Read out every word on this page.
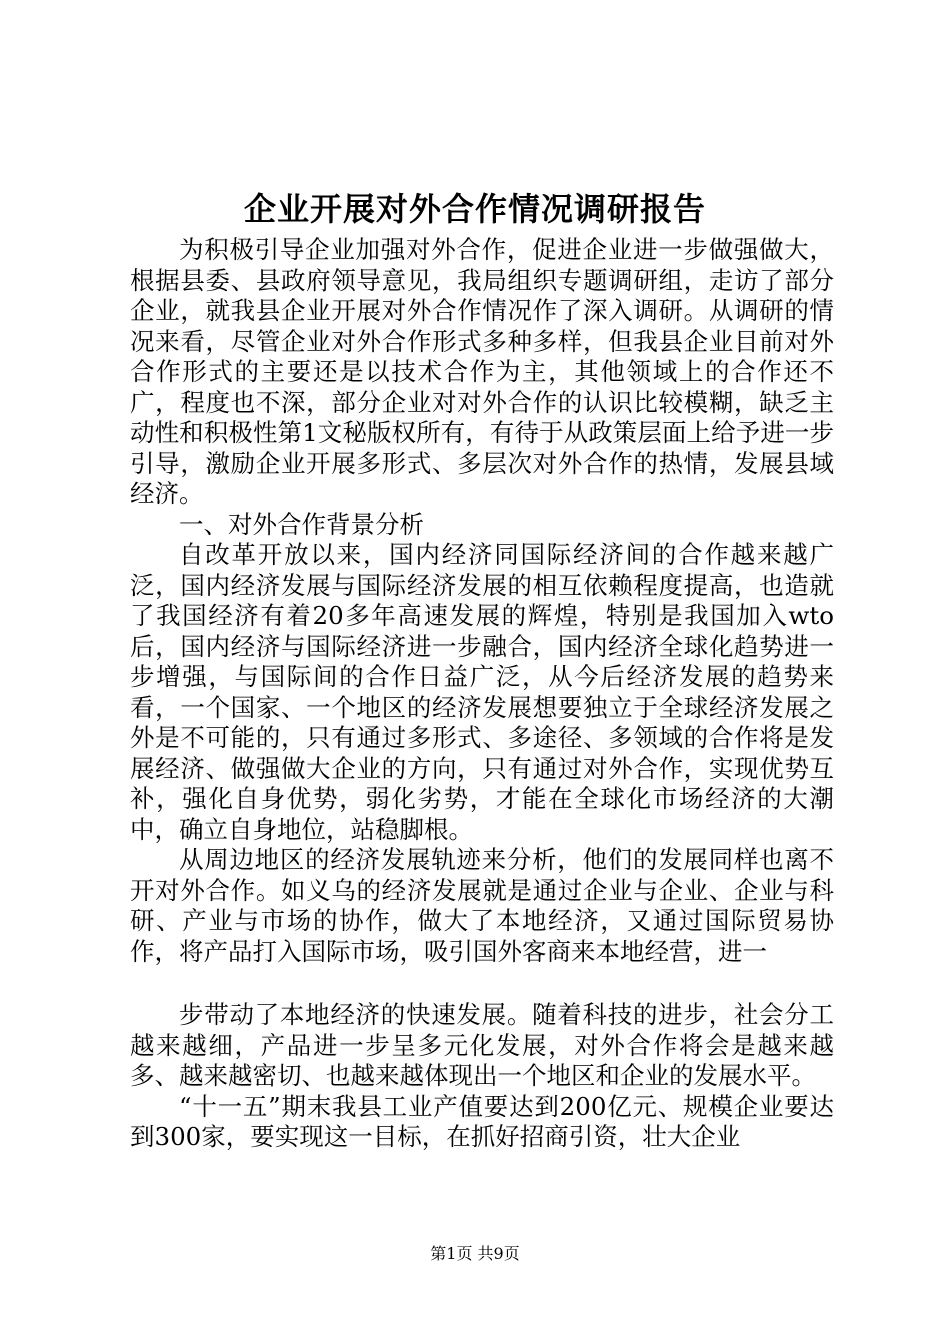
企业开展对外合作情况调研报告

为积极引导企业加强对外合作，促进企业进一步做强做大，根据县委、县政府领导意见，我局组织专题调研组，走访了部分企业，就我县企业开展对外合作情况作了深入调研。从调研的情况来看，尽管企业对外合作形式多种多样，但我县企业目前对外合作形式的主要还是以技术合作为主，其他领域上的合作还不广，程度也不深，部分企业对对外合作的认识比较模糊，缺乏主动性和积极性第1文秘版权所有，有待于从政策层面上给予进一步引导，激励企业开展多形式、多层次对外合作的热情，发展县域经济。

一、对外合作背景分析

自改革开放以来，国内经济同国际经济间的合作越来越广泛，国内经济发展与国际经济发展的相互依赖程度提高，也造就了我国经济有着20多年高速发展的辉煌，特别是我国加入wto后，国内经济与国际经济进一步融合，国内经济全球化趋势进一步增强，与国际间的合作日益广泛，从今后经济发展的趋势来看，一个国家、一个地区的经济发展想要独立于全球经济发展之外是不可能的，只有通过多形式、多途径、多领域的合作将是发展经济、做强做大企业的方向，只有通过对外合作，实现优势互补，强化自身优势，弱化劣势，才能在全球化市场经济的大潮中，确立自身地位，站稳脚根。

从周边地区的经济发展轨迹来分析，他们的发展同样也离不开对外合作。如义乌的经济发展就是通过企业与企业、企业与科研、产业与市场的协作，做大了本地经济，又通过国际贸易协作，将产品打入国际市场，吸引国外客商来本地经营，进一

步带动了本地经济的快速发展。随着科技的进步，社会分工越来越细，产品进一步呈多元化发展，对外合作将会是越来越多、越来越密切、也越来越体现出一个地区和企业的发展水平。

“十一五”期末我县工业产值要达到200亿元、规模企业要达到300家，要实现这一目标，在抓好招商引资，壮大企业

第1页 共9页
